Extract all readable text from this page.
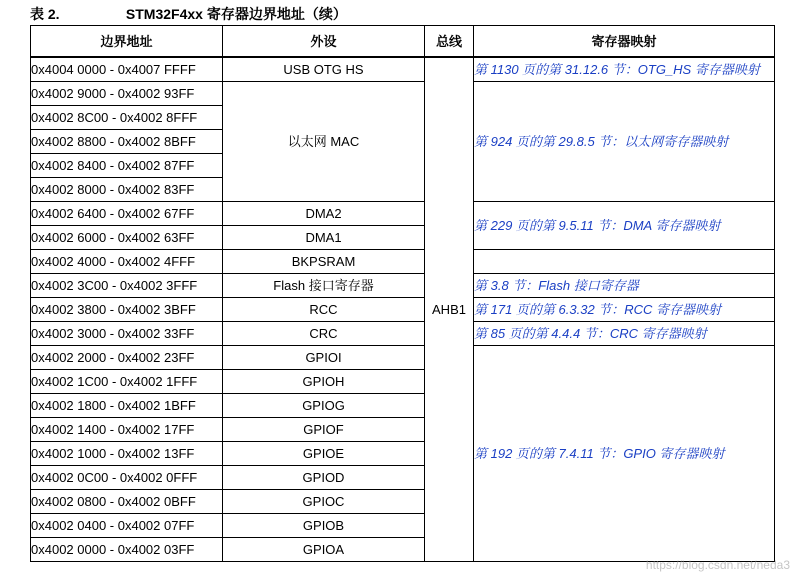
表 2.	STM32F4xx 寄存器边界地址（续）
边界地址	外设	总线	寄存器映射
0x4004 0000 - 0x4007 FFFF	USB OTG HS	AHB1	第 1130 页的第 31.12.6 节：OTG_HS 寄存器映射
0x4002 9000 - 0x4002 93FF	以太网 MAC		第 924 页的第 29.8.5 节：以太网寄存器映射
0x4002 8C00 - 0x4002 8FFF			
0x4002 8800 - 0x4002 8BFF			
0x4002 8400 - 0x4002 87FF			
0x4002 8000 - 0x4002 83FF			
0x4002 6400 - 0x4002 67FF	DMA2		第 229 页的第 9.5.11 节：DMA 寄存器映射
0x4002 6000 - 0x4002 63FF	DMA1		
0x4002 4000 - 0x4002 4FFF	BKPSRAM		
0x4002 3C00 - 0x4002 3FFF	Flash 接口寄存器		第 3.8 节：Flash 接口寄存器
0x4002 3800 - 0x4002 3BFF	RCC		第 171 页的第 6.3.32 节：RCC 寄存器映射
0x4002 3000 - 0x4002 33FF	CRC		第 85 页的第 4.4.4 节：CRC 寄存器映射
0x4002 2000 - 0x4002 23FF	GPIOI		第 192 页的第 7.4.11 节：GPIO 寄存器映射
0x4002 1C00 - 0x4002 1FFF	GPIOH		
0x4002 1800 - 0x4002 1BFF	GPIOG		
0x4002 1400 - 0x4002 17FF	GPIOF		
0x4002 1000 - 0x4002 13FF	GPIOE		
0x4002 0C00 - 0x4002 0FFF	GPIOD		
0x4002 0800 - 0x4002 0BFF	GPIOC		
0x4002 0400 - 0x4002 07FF	GPIOB		
0x4002 0000 - 0x4002 03FF	GPIOA		
https://blog.csdn.net/neda3
